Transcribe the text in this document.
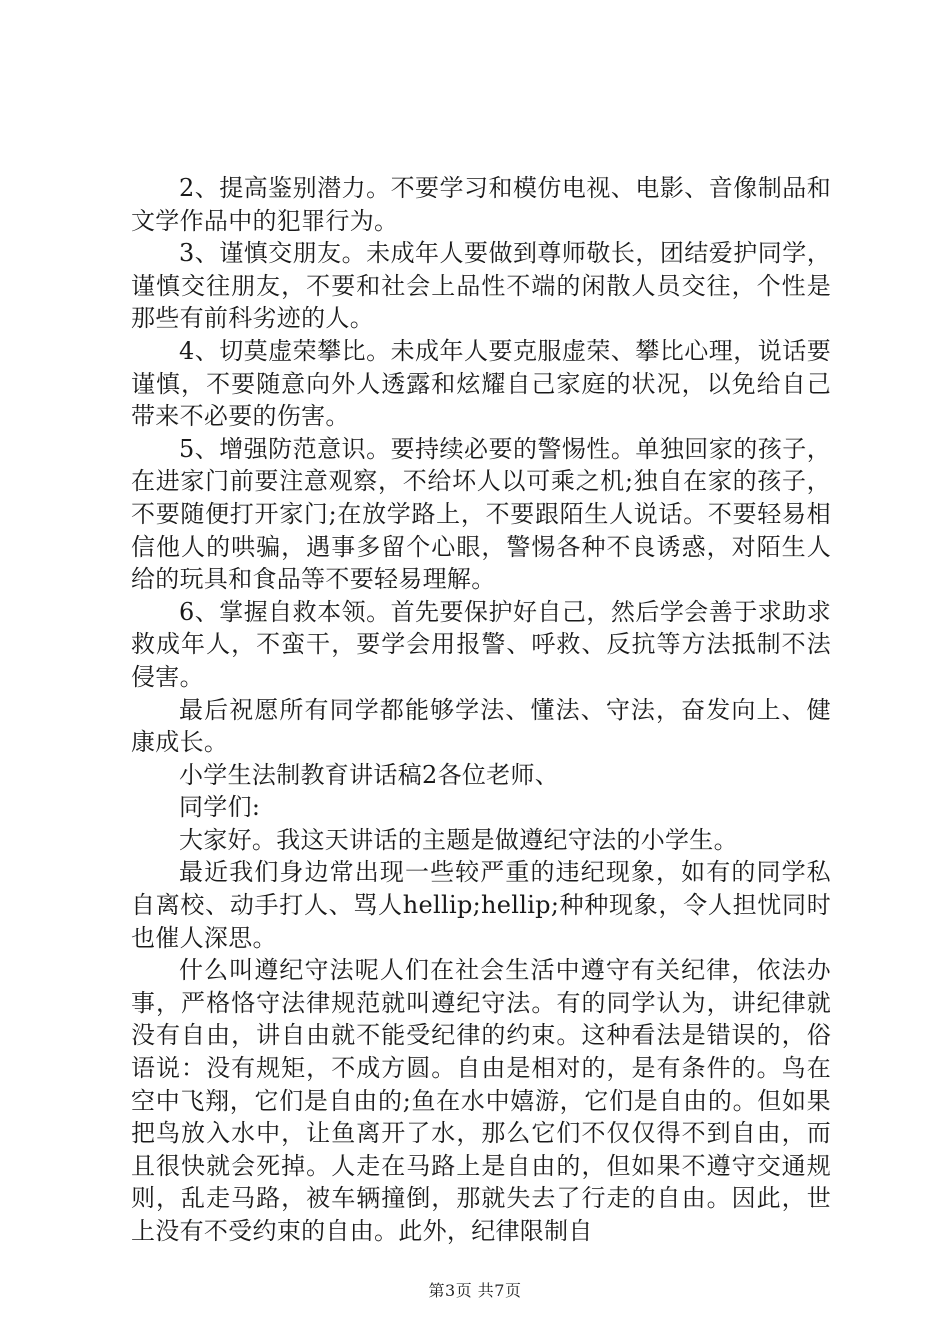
2、提高鉴别潜力。不要学习和模仿电视、电影、音像制品和文学作品中的犯罪行为。

3、谨慎交朋友。未成年人要做到尊师敬长，团结爱护同学，谨慎交往朋友，不要和社会上品性不端的闲散人员交往，个性是那些有前科劣迹的人。

4、切莫虚荣攀比。未成年人要克服虚荣、攀比心理，说话要谨慎，不要随意向外人透露和炫耀自己家庭的状况，以免给自己带来不必要的伤害。

5、增强防范意识。要持续必要的警惕性。单独回家的孩子，在进家门前要注意观察，不给坏人以可乘之机;独自在家的孩子，不要随便打开家门;在放学路上，不要跟陌生人说话。不要轻易相信他人的哄骗，遇事多留个心眼，警惕各种不良诱惑，对陌生人给的玩具和食品等不要轻易理解。

6、掌握自救本领。首先要保护好自己，然后学会善于求助求救成年人，不蛮干，要学会用报警、呼救、反抗等方法抵制不法侵害。

最后祝愿所有同学都能够学法、懂法、守法，奋发向上、健康成长。

小学生法制教育讲话稿2各位老师、

同学们:

大家好。我这天讲话的主题是做遵纪守法的小学生。

最近我们身边常出现一些较严重的违纪现象，如有的同学私自离校、动手打人、骂人hellip;hellip;种种现象，令人担忧同时也催人深思。

什么叫遵纪守法呢人们在社会生活中遵守有关纪律，依法办事，严格恪守法律规范就叫遵纪守法。有的同学认为，讲纪律就没有自由，讲自由就不能受纪律的约束。这种看法是错误的，俗语说：没有规矩，不成方圆。自由是相对的，是有条件的。鸟在空中飞翔，它们是自由的;鱼在水中嬉游，它们是自由的。但如果把鸟放入水中，让鱼离开了水，那么它们不仅仅得不到自由，而且很快就会死掉。人走在马路上是自由的，但如果不遵守交通规则，乱走马路，被车辆撞倒，那就失去了行走的自由。因此，世上没有不受约束的自由。此外，纪律限制自

第3页 共7页
